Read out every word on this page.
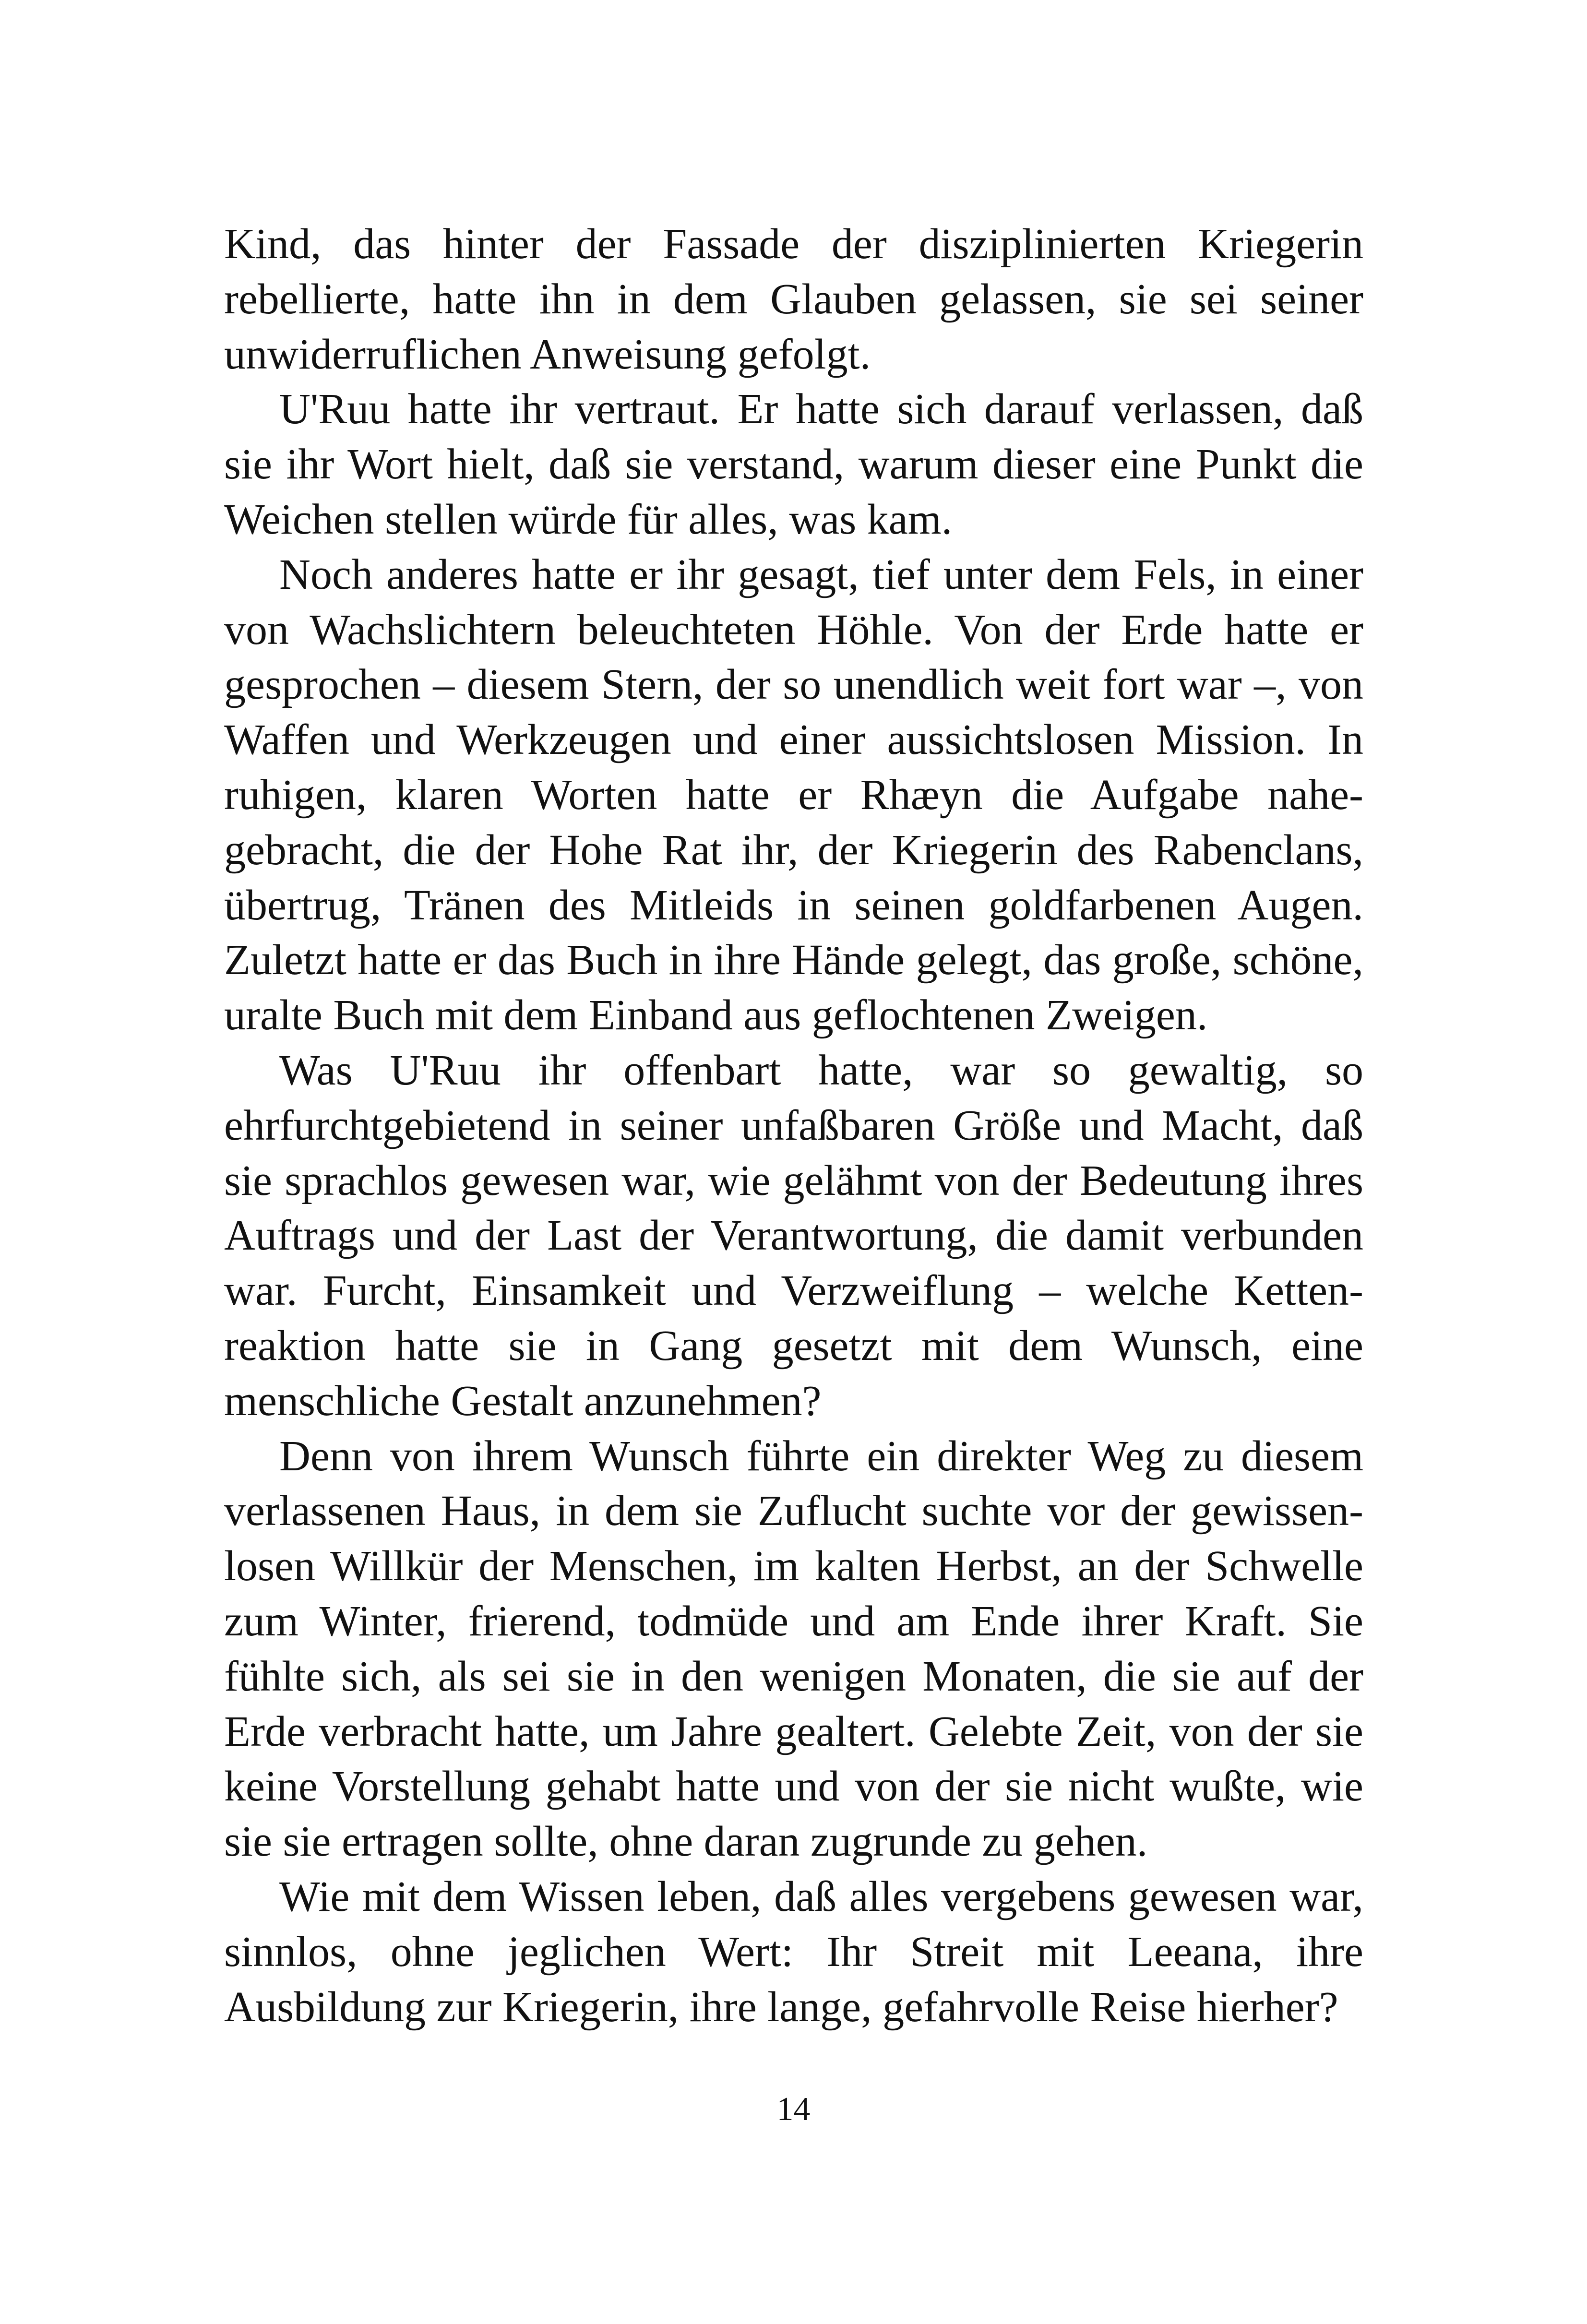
Kind, das hinter der Fassade der disziplinierten Kriegerin
rebellierte, hatte ihn in dem Glauben gelassen, sie sei seiner
unwiderruflichen Anweisung gefolgt.

U'Ruu hatte ihr vertraut. Er hatte sich darauf verlassen, daß
sie ihr Wort hielt, daß sie verstand, warum dieser eine Punkt die
Weichen stellen würde für alles, was kam.

Noch anderes hatte er ihr gesagt, tief unter dem Fels, in einer
von Wachslichtern beleuchteten Höhle. Von der Erde hatte er
gesprochen – diesem Stern, der so unendlich weit fort war –, von
Waffen und Werkzeugen und einer aussichtslosen Mission. In
ruhigen, klaren Worten hatte er Rhæyn die Aufgabe nahe-
gebracht, die der Hohe Rat ihr, der Kriegerin des Rabenclans,
übertrug, Tränen des Mitleids in seinen goldfarbenen Augen.
Zuletzt hatte er das Buch in ihre Hände gelegt, das große, schöne,
uralte Buch mit dem Einband aus geflochtenen Zweigen.

Was U'Ruu ihr offenbart hatte, war so gewaltig, so
ehrfurchtgebietend in seiner unfaßbaren Größe und Macht, daß
sie sprachlos gewesen war, wie gelähmt von der Bedeutung ihres
Auftrags und der Last der Verantwortung, die damit verbunden
war. Furcht, Einsamkeit und Verzweiflung – welche Ketten-
reaktion hatte sie in Gang gesetzt mit dem Wunsch, eine
menschliche Gestalt anzunehmen?

Denn von ihrem Wunsch führte ein direkter Weg zu diesem
verlassenen Haus, in dem sie Zuflucht suchte vor der gewissen-
losen Willkür der Menschen, im kalten Herbst, an der Schwelle
zum Winter, frierend, todmüde und am Ende ihrer Kraft. Sie
fühlte sich, als sei sie in den wenigen Monaten, die sie auf der
Erde verbracht hatte, um Jahre gealtert. Gelebte Zeit, von der sie
keine Vorstellung gehabt hatte und von der sie nicht wußte, wie
sie sie ertragen sollte, ohne daran zugrunde zu gehen.

Wie mit dem Wissen leben, daß alles vergebens gewesen war,
sinnlos, ohne jeglichen Wert: Ihr Streit mit Leeana, ihre
Ausbildung zur Kriegerin, ihre lange, gefahrvolle Reise hierher?

14
